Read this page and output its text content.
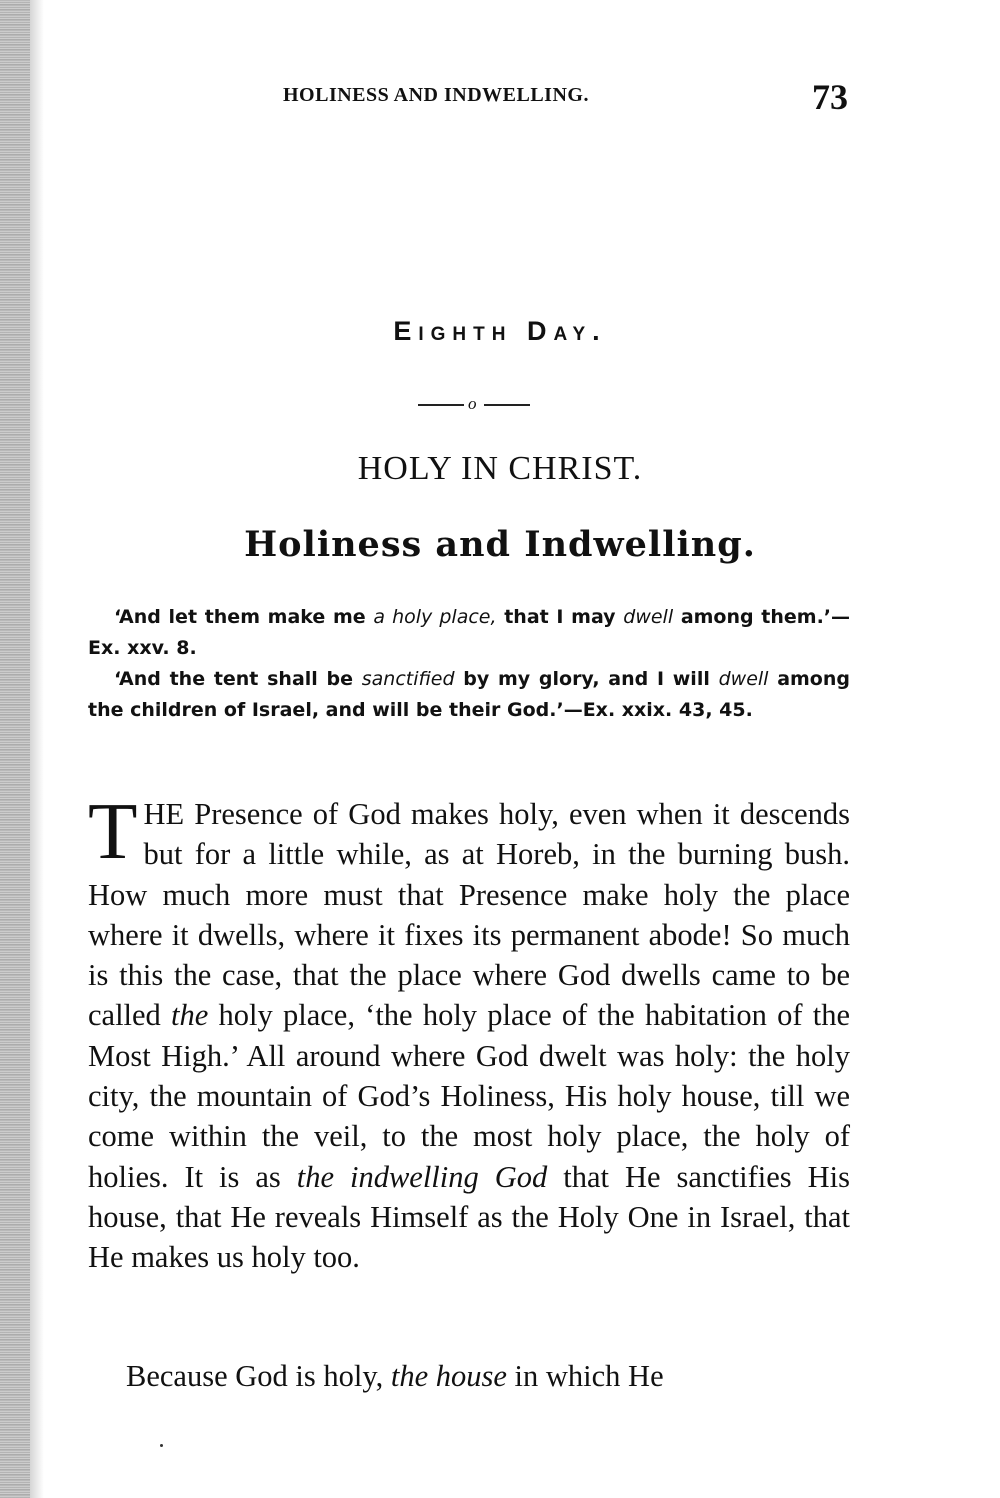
HOLINESS AND INDWELLING.	73
Eighth Day.
o
HOLY IN CHRIST.
Holiness and Indwelling.
‘And let them make me a holy place, that I may dwell among them.’—Ex. xxv. 8.
‘And the tent shall be sanctified by my glory, and I will dwell among the children of Israel, and will be their God.’—Ex. xxix. 43, 45.
THE Presence of God makes holy, even when it descends but for a little while, as at Horeb, in the burning bush. How much more must that Presence make holy the place where it dwells, where it fixes its permanent abode! So much is this the case, that the place where God dwells came to be called the holy place, ‘the holy place of the habitation of the Most High.’ All around where God dwelt was holy: the holy city, the mountain of God’s Holiness, His holy house, till we come within the veil, to the most holy place, the holy of holies. It is as the indwelling God that He sanctifies His house, that He reveals Himself as the Holy One in Israel, that He makes us holy too.
Because God is holy, the house in which He
